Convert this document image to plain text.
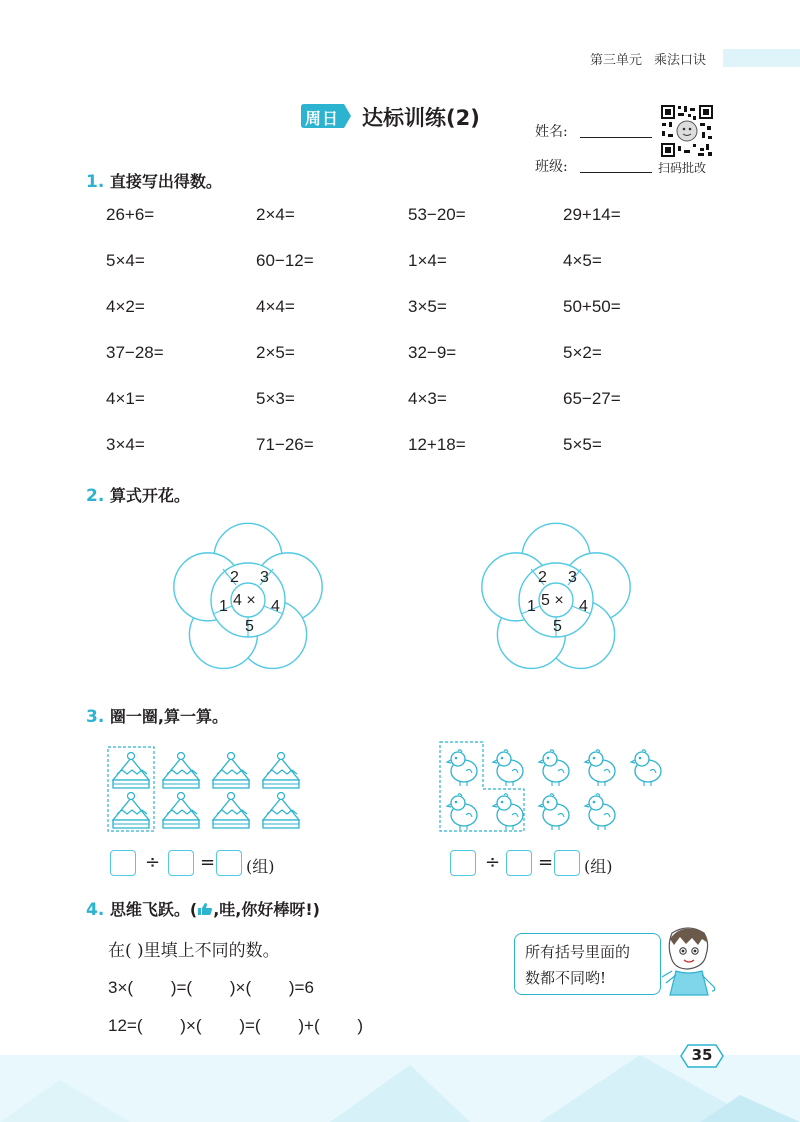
第三单元 乘法口诀
周日 达标训练(2)
姓名:
班级:	扫码批改
1. 直接写出得数。
26+6=	2×4=	53−20=	29+14=
5×4=	60−12=	1×4=	4×5=
4×2=	4×4=	3×5=	50+50=
37−28=	2×5=	32−9=	5×2=
4×1=	5×3=	4×3=	65−27=
3×4=	71−26=	12+18=	5×5=
2. 算式开花。
2 3
1	4
5
4 ×
2 3
1	4
5
5 ×
3. 圈一圈,算一算。
÷ = (组)	÷ = (组)
4. 思维飞跃。( ,哇,你好棒呀!)
在( )里填上不同的数。
3×(        )=(        )×(        )=6
12=(        )×(        )=(        )+(        )
所有括号里面的
数都不同哟!
35
